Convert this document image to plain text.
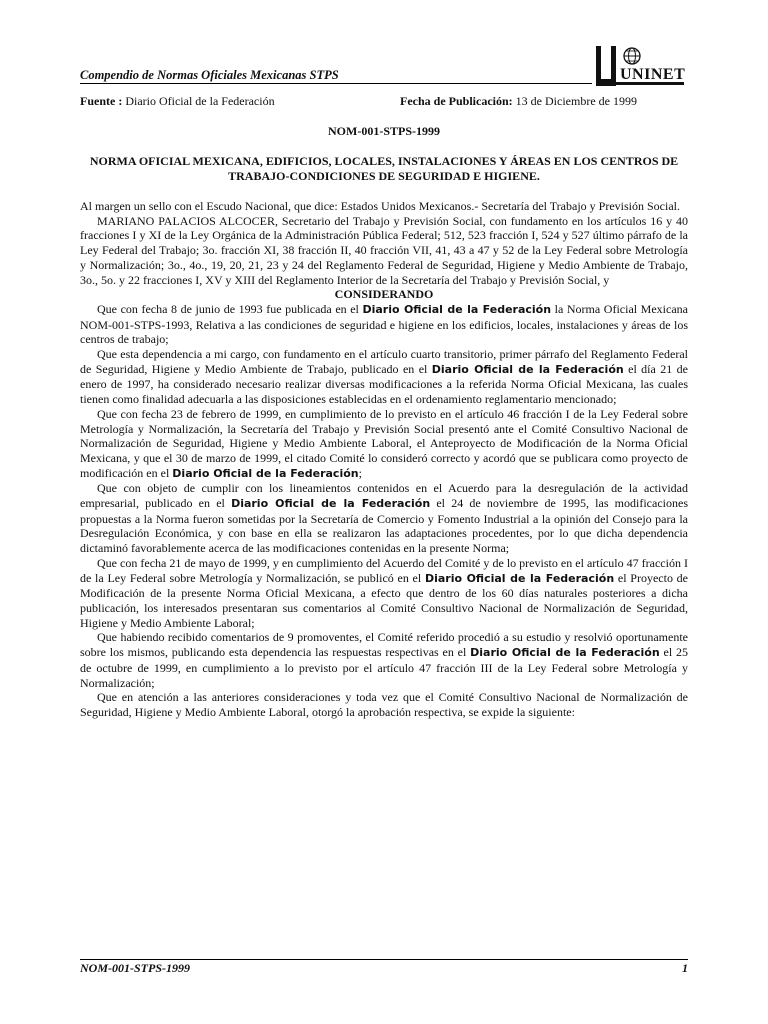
Compendio de Normas Oficiales Mexicanas STPS	UNINET
Fuente : Diario Oficial de la Federación	Fecha de Publicación: 13 de Diciembre de 1999
NOM-001-STPS-1999
NORMA OFICIAL MEXICANA, EDIFICIOS, LOCALES, INSTALACIONES Y ÁREAS EN LOS CENTROS DE TRABAJO-CONDICIONES DE SEGURIDAD E HIGIENE.

Al margen un sello con el Escudo Nacional, que dice: Estados Unidos Mexicanos.- Secretaría del Trabajo y Previsión Social.

MARIANO PALACIOS ALCOCER, Secretario del Trabajo y Previsión Social, con fundamento en los artículos 16 y 40 fracciones I y XI de la Ley Orgánica de la Administración Pública Federal; 512, 523 fracción I, 524 y 527 último párrafo de la Ley Federal del Trabajo; 3o. fracción XI, 38 fracción II, 40 fracción VII, 41, 43 a 47 y 52 de la Ley Federal sobre Metrología y Normalización; 3o., 4o., 19, 20, 21, 23 y 24 del Reglamento Federal de Seguridad, Higiene y Medio Ambiente de Trabajo, 3o., 5o. y 22 fracciones I, XV y XIII del Reglamento Interior de la Secretaría del Trabajo y Previsión Social, y

CONSIDERANDO

Que con fecha 8 de junio de 1993 fue publicada en el Diario Oficial de la Federación la Norma Oficial Mexicana NOM-001-STPS-1993, Relativa a las condiciones de seguridad e higiene en los edificios, locales, instalaciones y áreas de los centros de trabajo;

Que esta dependencia a mi cargo, con fundamento en el artículo cuarto transitorio, primer párrafo del Reglamento Federal de Seguridad, Higiene y Medio Ambiente de Trabajo, publicado en el Diario Oficial de la Federación el día 21 de enero de 1997, ha considerado necesario realizar diversas modificaciones a la referida Norma Oficial Mexicana, las cuales tienen como finalidad adecuarla a las disposiciones establecidas en el ordenamiento reglamentario mencionado;

Que con fecha 23 de febrero de 1999, en cumplimiento de lo previsto en el artículo 46 fracción I de la Ley Federal sobre Metrología y Normalización, la Secretaría del Trabajo y Previsión Social presentó ante el Comité Consultivo Nacional de Normalización de Seguridad, Higiene y Medio Ambiente Laboral, el Anteproyecto de Modificación de la Norma Oficial Mexicana, y que el 30 de marzo de 1999, el citado Comité lo consideró correcto y acordó que se publicara como proyecto de modificación en el Diario Oficial de la Federación;

Que con objeto de cumplir con los lineamientos contenidos en el Acuerdo para la desregulación de la actividad empresarial, publicado en el Diario Oficial de la Federación el 24 de noviembre de 1995, las modificaciones propuestas a la Norma fueron sometidas por la Secretaría de Comercio y Fomento Industrial a la opinión del Consejo para la Desregulación Económica, y con base en ella se realizaron las adaptaciones procedentes, por lo que dicha dependencia dictaminó favorablemente acerca de las modificaciones contenidas en la presente Norma;

Que con fecha 21 de mayo de 1999, y en cumplimiento del Acuerdo del Comité y de lo previsto en el artículo 47 fracción I de la Ley Federal sobre Metrología y Normalización, se publicó en el Diario Oficial de la Federación el Proyecto de Modificación de la presente Norma Oficial Mexicana, a efecto que dentro de los 60 días naturales posteriores a dicha publicación, los interesados presentaran sus comentarios al Comité Consultivo Nacional de Normalización de Seguridad, Higiene y Medio Ambiente Laboral;

Que habiendo recibido comentarios de 9 promoventes, el Comité referido procedió a su estudio y resolvió oportunamente sobre los mismos, publicando esta dependencia las respuestas respectivas en el Diario Oficial de la Federación el 25 de octubre de 1999, en cumplimiento a lo previsto por el artículo 47 fracción III de la Ley Federal sobre Metrología y Normalización;

Que en atención a las anteriores consideraciones y toda vez que el Comité Consultivo Nacional de Normalización de Seguridad, Higiene y Medio Ambiente Laboral, otorgó la aprobación respectiva, se expide la siguiente:

NOM-001-STPS-1999	1
